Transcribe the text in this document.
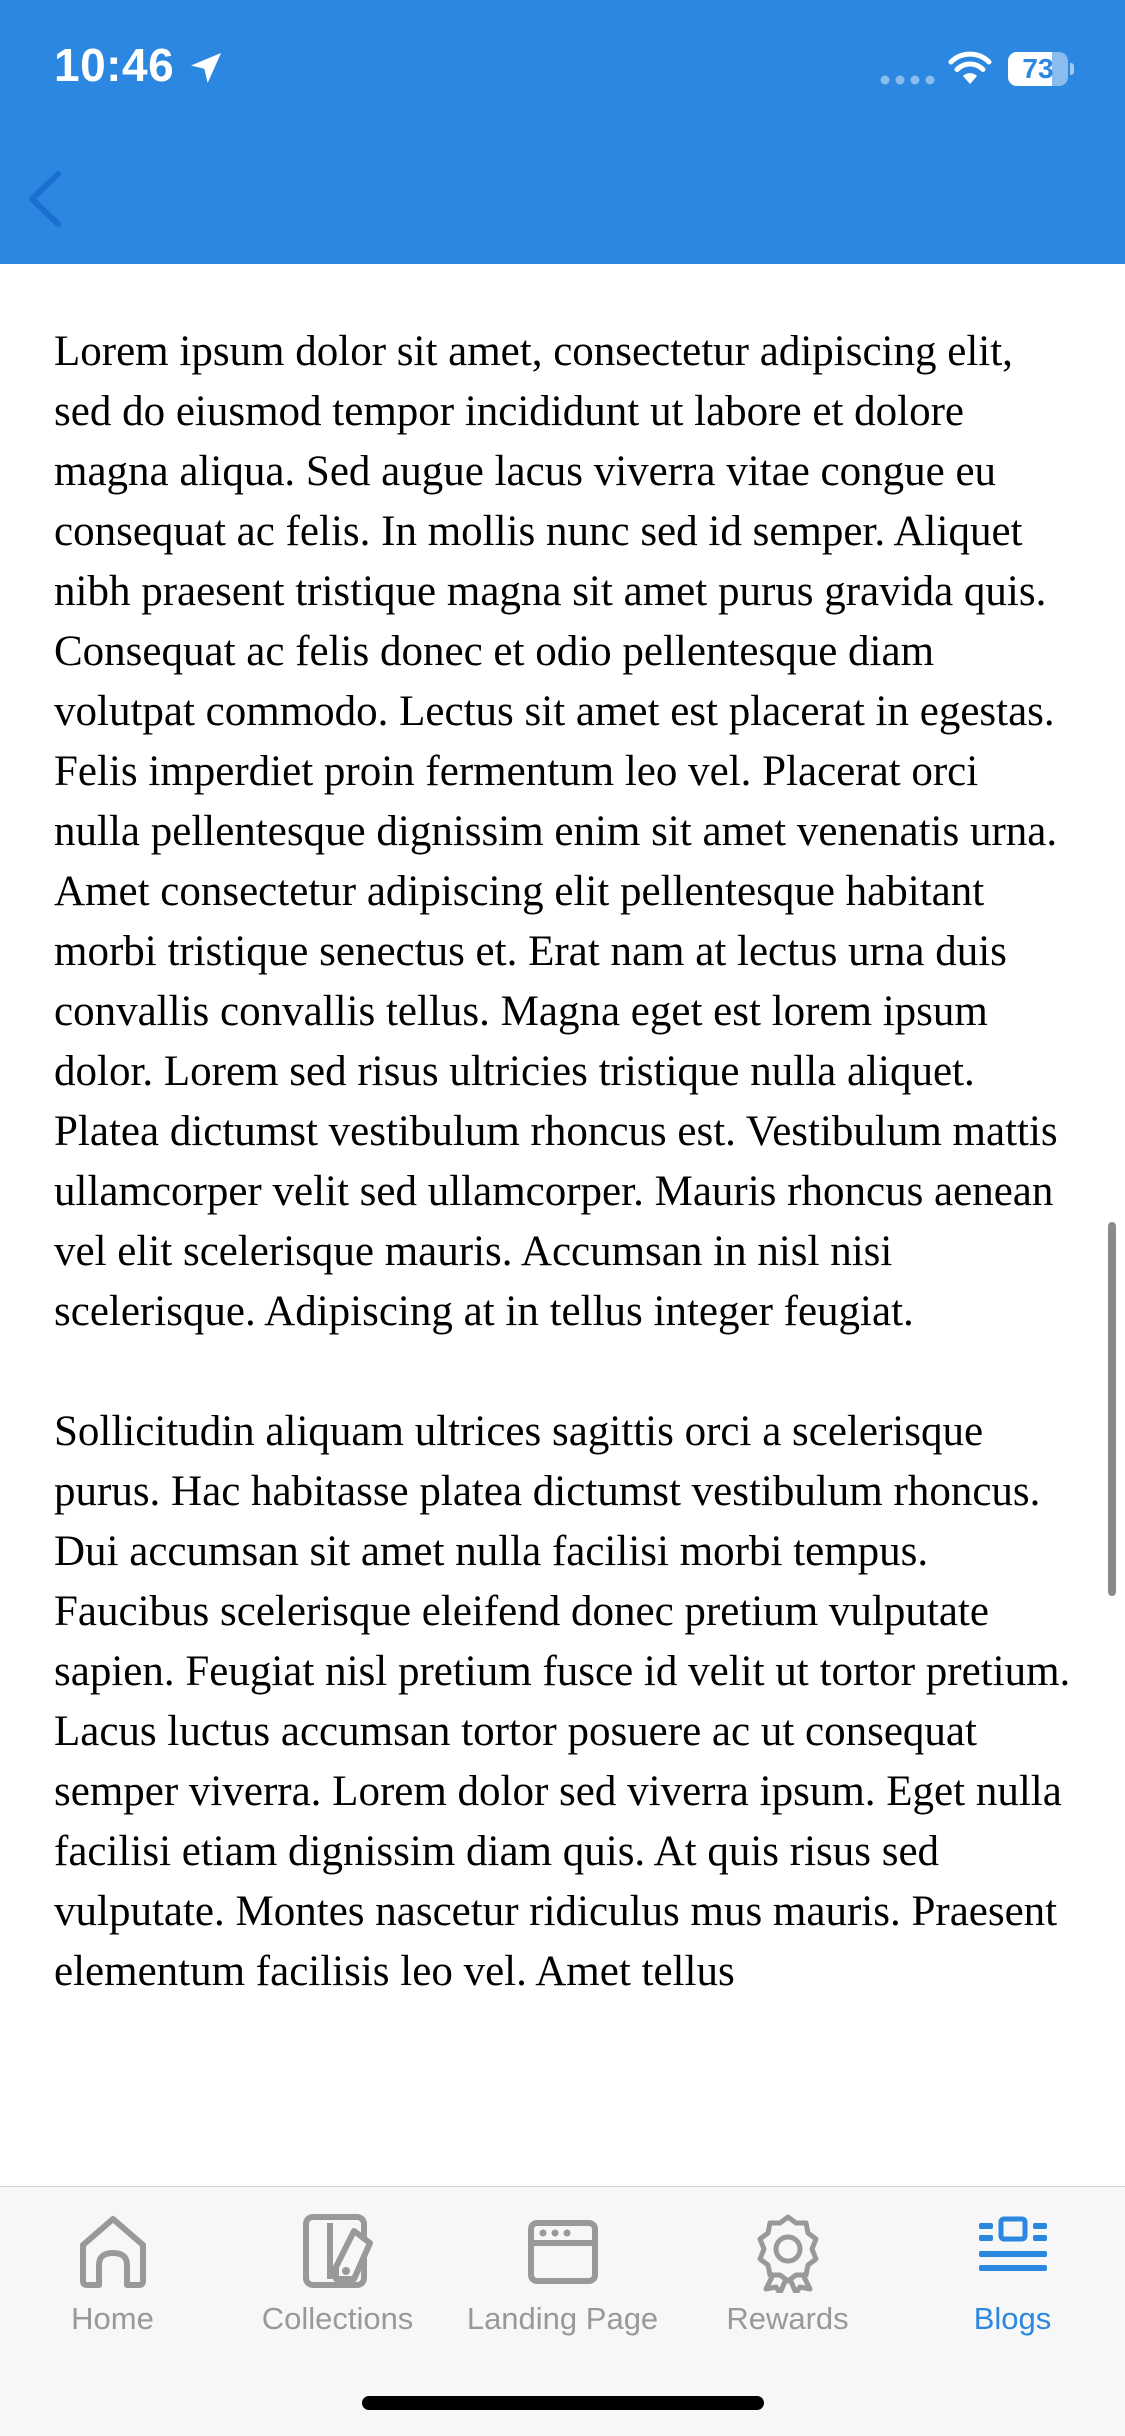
10:46	73

Lorem ipsum dolor sit amet, consectetur adipiscing elit, sed do eiusmod tempor incididunt ut labore et dolore magna aliqua. Sed augue lacus viverra vitae congue eu consequat ac felis. In mollis nunc sed id semper. Aliquet nibh praesent tristique magna sit amet purus gravida quis. Consequat ac felis donec et odio pellentesque diam volutpat commodo. Lectus sit amet est placerat in egestas. Felis imperdiet proin fermentum leo vel. Placerat orci nulla pellentesque dignissim enim sit amet venenatis urna. Amet consectetur adipiscing elit pellentesque habitant morbi tristique senectus et. Erat nam at lectus urna duis convallis convallis tellus. Magna eget est lorem ipsum dolor. Lorem sed risus ultricies tristique nulla aliquet. Platea dictumst vestibulum rhoncus est. Vestibulum mattis ullamcorper velit sed ullamcorper. Mauris rhoncus aenean vel elit scelerisque mauris. Accumsan in nisl nisi scelerisque. Adipiscing at in tellus integer feugiat.

Sollicitudin aliquam ultrices sagittis orci a scelerisque purus. Hac habitasse platea dictumst vestibulum rhoncus. Dui accumsan sit amet nulla facilisi morbi tempus. Faucibus scelerisque eleifend donec pretium vulputate sapien. Feugiat nisl pretium fusce id velit ut tortor pretium. Lacus luctus accumsan tortor posuere ac ut consequat semper viverra. Lorem dolor sed viverra ipsum. Eget nulla facilisi etiam dignissim diam quis. At quis risus sed vulputate. Montes nascetur ridiculus mus mauris. Praesent elementum facilisis leo vel. Amet tellus

Home	Collections	Landing Page	Rewards	Blogs
